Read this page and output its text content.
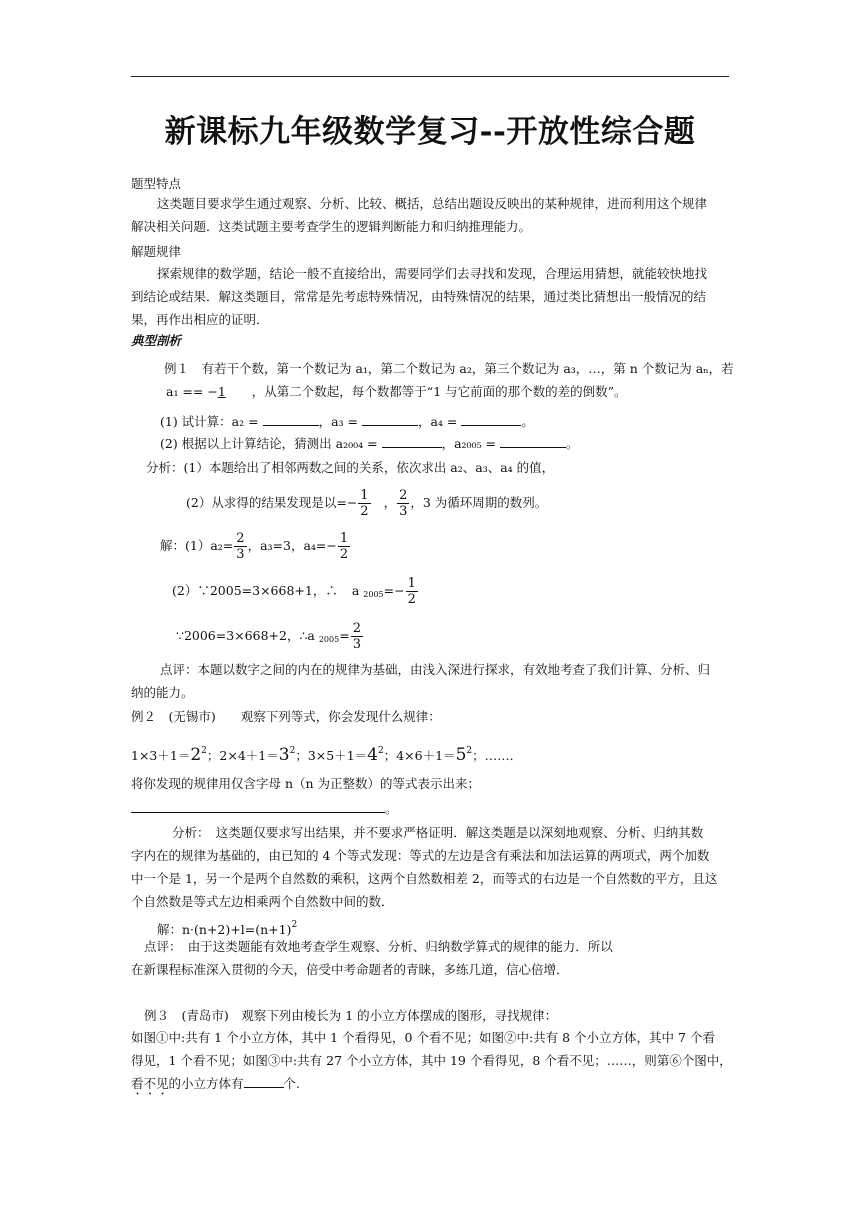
新课标九年级数学复习--开放性综合题
题型特点
这类题目要求学生通过观察、分析、比较、概括，总结出题设反映出的某种规律，进而利用这个规律
解决相关问题．这类试题主要考查学生的逻辑判断能力和归纳推理能力。
解题规律
探索规律的数学题，结论一般不直接给出，需要同学们去寻找和发现，合理运用猜想，就能较快地找
到结论或结果．解这类题目，常常是先考虑特殊情况，由特殊情况的结果，通过类比猜想出一般情况的结
果，再作出相应的证明．
典型剖析
例１　有若干个数，第一个数记为 a₁，第二个数记为 a₂，第三个数记为 a₃，…，第 n 个数记为 aₙ，若
a₁ == −1 ，从第二个数起，每个数都等于“1 与它前面的那个数的差的倒数”。
(1) 试计算：a₂ =	，a₃ =	，a₄ =	。
(2) 根据以上计算结论，猜测出 a₂₀₀₄ =	，a₂₀₀₅ =	。
分析：(1）本题给出了相邻两数之间的关系，依次求出 a₂、a₃、a₄ 的值，
(2）从求得的结果发现是以=− $\frac{1}{2}$ ， $\frac{2}{3}$ ，3 为循环周期的数列。
解：$(1)a_2= \frac{2}{3}$ ，a₃=3，$a_4=- \frac{1}{2}$
(2）∵2005=3×668+1，∴ a $_{2005}=- \frac{1}{2}$
∵2006=3×668+2，∴a $_{2005}= \frac{2}{3}$
点评：本题以数字之间的内在的规律为基础，由浅入深进行探求，有效地考查了我们计算、分析、归
纳的能力。
例２　(无锡市)　　观察下列等式，你会发现什么规律：
$1\times 3+1=2^2$；$2\times 4+1=3^2$；$3\times 5+1=4^2$；$4\times 6+1=5^2$；……．
将你发现的规律用仅含字母 n（n 为正整数）的等式表示出来；
。
分析：　这类题仅要求写出结果，并不要求严格证明．解这类题是以深刻地观察、分析、归纳其数
字内在的规律为基础的，由已知的 4 个等式发现：等式的左边是含有乘法和加法运算的两项式，两个加数
中一个是 1，另一个是两个自然数的乘积，这两个自然数相差 2，而等式的右边是一个自然数的平方，且这
个自然数是等式左边相乘两个自然数中间的数．
解：$n\cdot(n+2)+l=(n+1)^2$
点评：　由于这类题能有效地考查学生观察、分析、归纳数学算式的规律的能力．所以
在新课程标准深入贯彻的今天，倍受中考命题者的青睐，多练几道，信心倍增．
例３　(青岛市)　观察下列由棱长为 1 的小立方体摆成的图形，寻找规律：
如图①中:共有 1 个小立方体，其中 1 个看得见，0 个看不见；如图②中:共有 8 个小立方体，其中 7 个看
得见，1 个看不见；如图③中:共有 27 个小立方体，其中 19 个看得见，8 个看不见；……，则第⑥个图中，
看不见的小立方体有	个.
